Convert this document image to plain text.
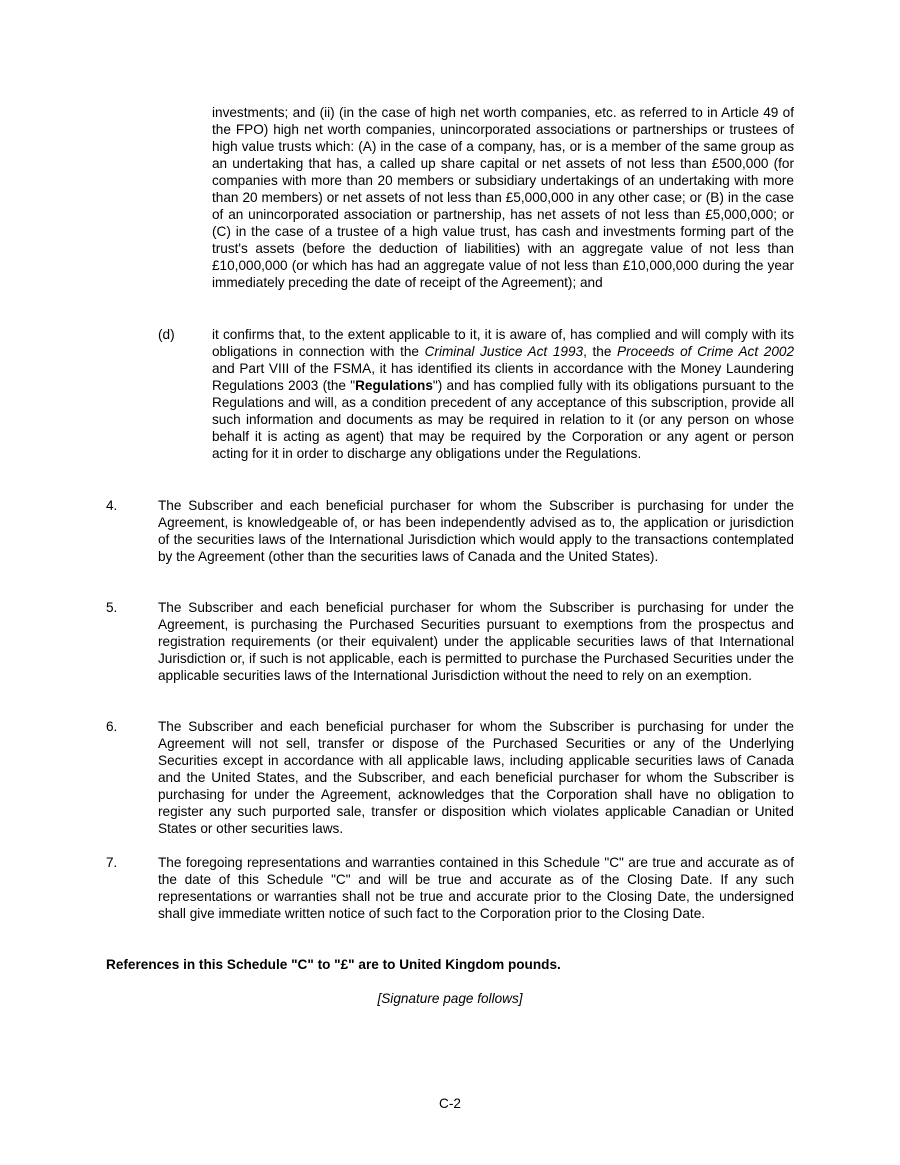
investments; and (ii) (in the case of high net worth companies, etc. as referred to in Article 49 of the FPO) high net worth companies, unincorporated associations or partnerships or trustees of high value trusts which: (A) in the case of a company, has, or is a member of the same group as an undertaking that has, a called up share capital or net assets of not less than £500,000 (for companies with more than 20 members or subsidiary undertakings of an undertaking with more than 20 members) or net assets of not less than £5,000,000 in any other case; or (B) in the case of an unincorporated association or partnership, has net assets of not less than £5,000,000; or (C) in the case of a trustee of a high value trust, has cash and investments forming part of the trust's assets (before the deduction of liabilities) with an aggregate value of not less than £10,000,000 (or which has had an aggregate value of not less than £10,000,000 during the year immediately preceding the date of receipt of the Agreement); and

(d)	it confirms that, to the extent applicable to it, it is aware of, has complied and will comply with its obligations in connection with the Criminal Justice Act 1993, the Proceeds of Crime Act 2002 and Part VIII of the FSMA, it has identified its clients in accordance with the Money Laundering Regulations 2003 (the "Regulations") and has complied fully with its obligations pursuant to the Regulations and will, as a condition precedent of any acceptance of this subscription, provide all such information and documents as may be required in relation to it (or any person on whose behalf it is acting as agent) that may be required by the Corporation or any agent or person acting for it in order to discharge any obligations under the Regulations.

4.	The Subscriber and each beneficial purchaser for whom the Subscriber is purchasing for under the Agreement, is knowledgeable of, or has been independently advised as to, the application or jurisdiction of the securities laws of the International Jurisdiction which would apply to the transactions contemplated by the Agreement (other than the securities laws of Canada and the United States).

5.	The Subscriber and each beneficial purchaser for whom the Subscriber is purchasing for under the Agreement, is purchasing the Purchased Securities pursuant to exemptions from the prospectus and registration requirements (or their equivalent) under the applicable securities laws of that International Jurisdiction or, if such is not applicable, each is permitted to purchase the Purchased Securities under the applicable securities laws of the International Jurisdiction without the need to rely on an exemption.

6.	The Subscriber and each beneficial purchaser for whom the Subscriber is purchasing for under the Agreement will not sell, transfer or dispose of the Purchased Securities or any of the Underlying Securities except in accordance with all applicable laws, including applicable securities laws of Canada and the United States, and the Subscriber, and each beneficial purchaser for whom the Subscriber is purchasing for under the Agreement, acknowledges that the Corporation shall have no obligation to register any such purported sale, transfer or disposition which violates applicable Canadian or United States or other securities laws.

7.	The foregoing representations and warranties contained in this Schedule "C" are true and accurate as of the date of this Schedule "C" and will be true and accurate as of the Closing Date. If any such representations or warranties shall not be true and accurate prior to the Closing Date, the undersigned shall give immediate written notice of such fact to the Corporation prior to the Closing Date.

References in this Schedule "C" to "£" are to United Kingdom pounds.
[Signature page follows]
C-2
